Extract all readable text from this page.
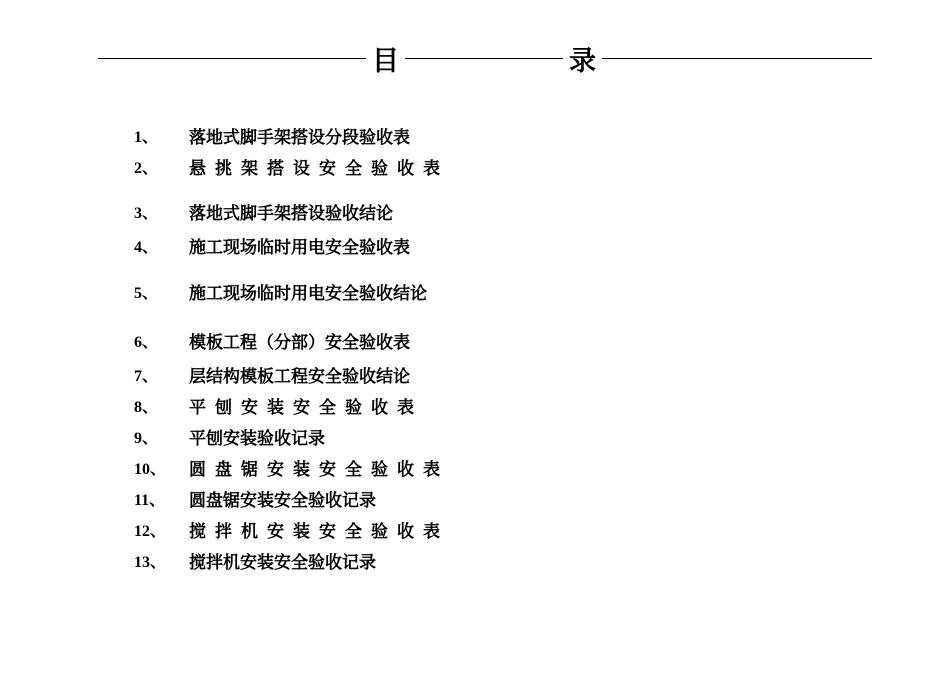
目	录
1、 落地式脚手架搭设分段验收表
2、 悬挑架搭设安全验收表
3、 落地式脚手架搭设验收结论
4、 施工现场临时用电安全验收表
5、 施工现场临时用电安全验收结论
6、 模板工程（分部）安全验收表
7、 层结构模板工程安全验收结论
8、 平刨安装安全验收表
9、 平刨安装验收记录
10、 圆盘锯安装安全验收表
11、 圆盘锯安装安全验收记录
12、 搅拌机安装安全验收表
13、 搅拌机安装安全验收记录
